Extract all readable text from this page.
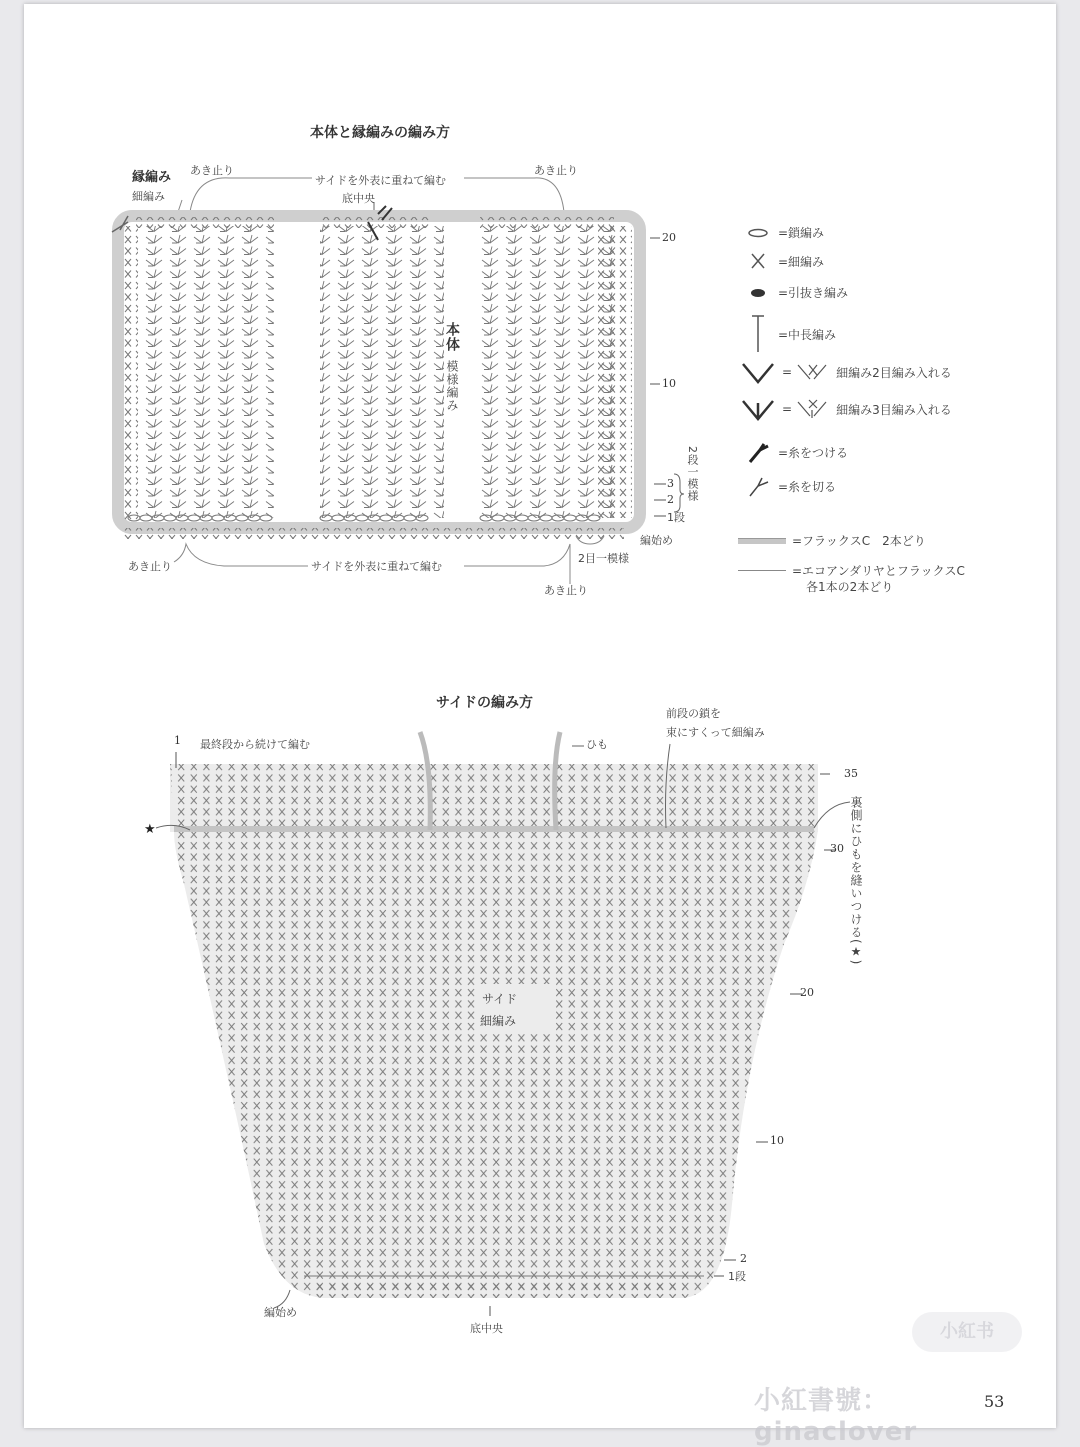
本体と縁編みの編み方
縁編み
細編み
あき止り	あき止り
サイドを外表に重ねて編む
底中央
本体
模様編み
20
10
3
2
1段
2段一模様
編始め
2目一模様
あき止り
あき止り
サイドを外表に重ねて編む
=鎖編み
=細編み
=引抜き編み
=中長編み
=	細編み2目編み入れる
=	細編み3目編み入れる
=糸をつける
=糸を切る
=フラックスC　2本どり
=エコアンダリヤとフラックスC
各1本の2本どり
サイドの編み方
1 最終段から続けて編む	ひも
前段の鎖を
束にすくって細編み
35
30
20
10
2
1段
裏側にひもを縫いつける(★)
★
サイド
細編み
編始め
底中央	小紅书
小紅書號： ginaclover
53
